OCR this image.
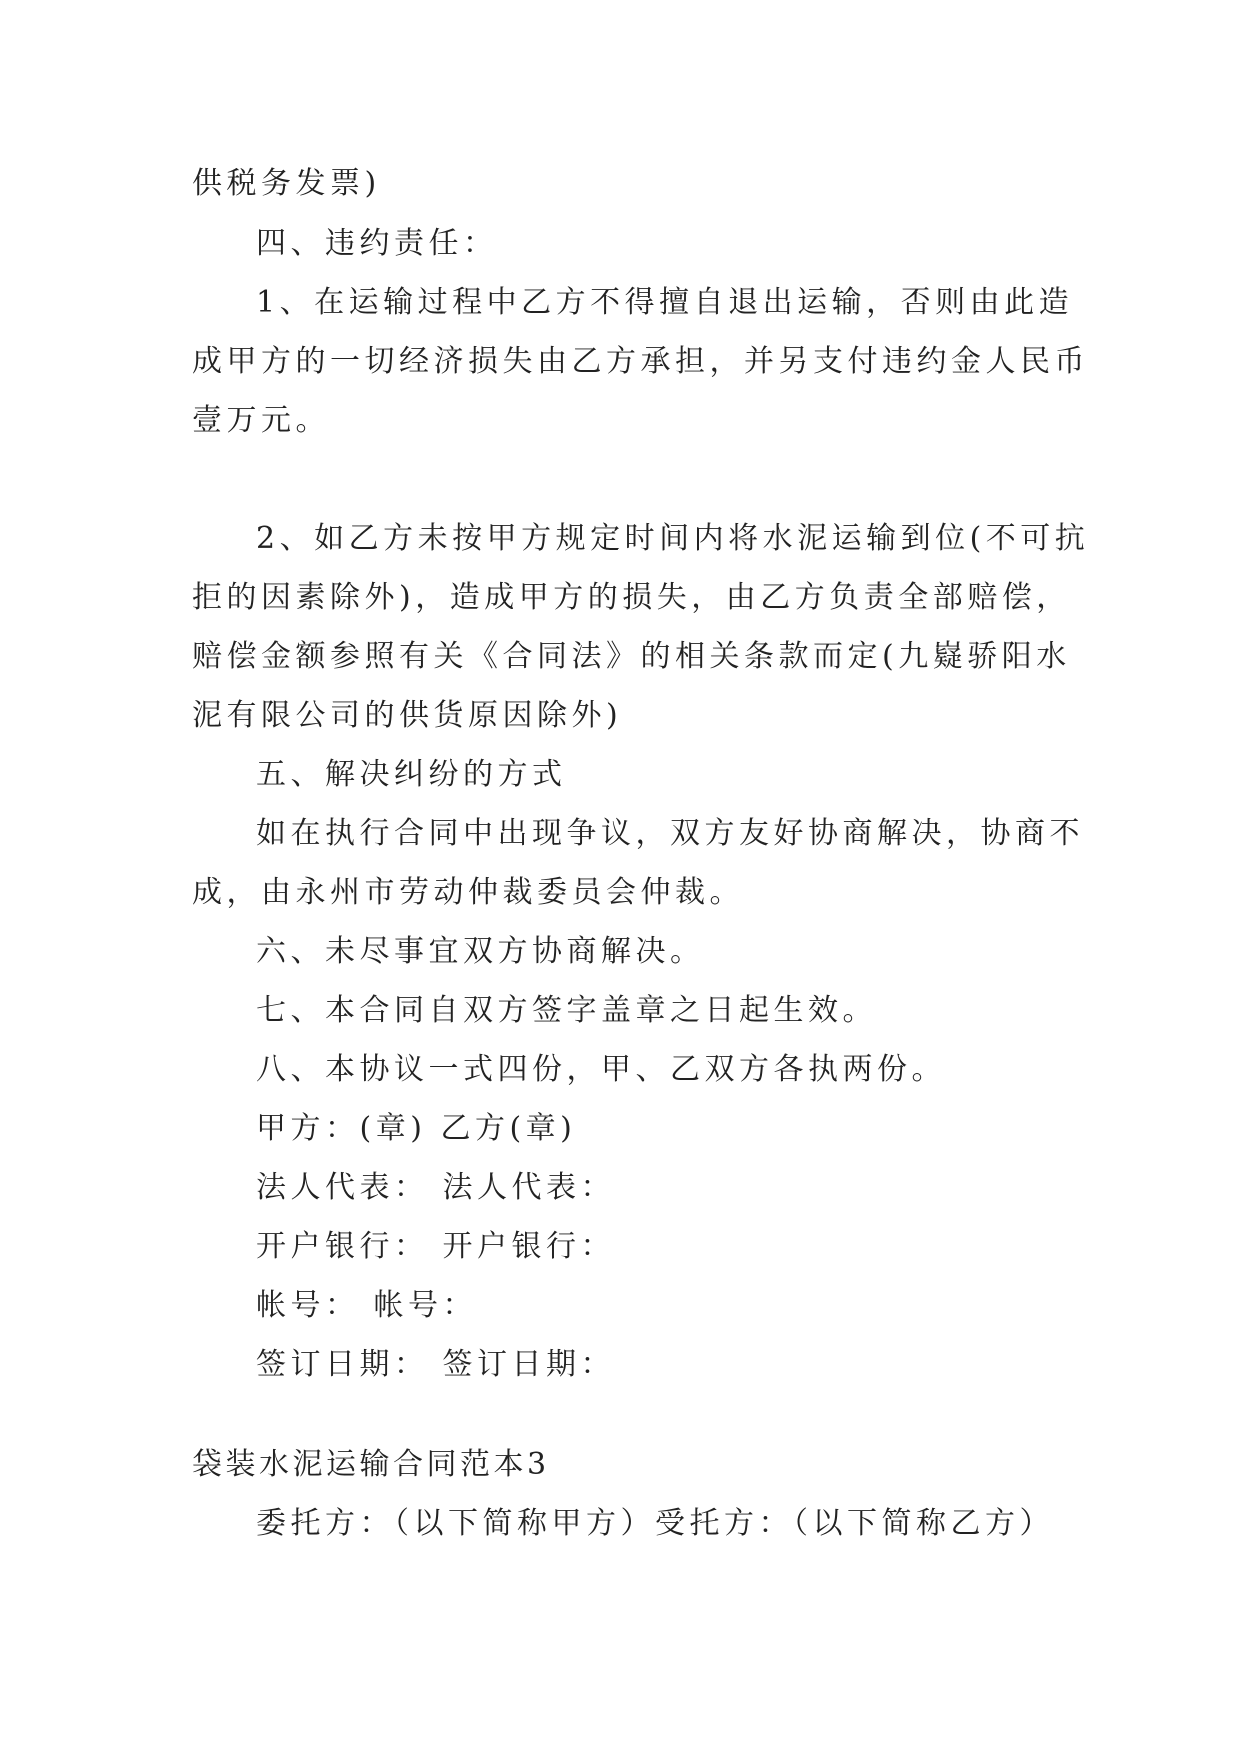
供税务发票)
四、违约责任：
1、在运输过程中乙方不得擅自退出运输，否则由此造
成甲方的一切经济损失由乙方承担，并另支付违约金人民币
壹万元。
2、如乙方未按甲方规定时间内将水泥运输到位(不可抗
拒的因素除外)，造成甲方的损失，由乙方负责全部赔偿，
赔偿金额参照有关《合同法》的相关条款而定(九嶷骄阳水
泥有限公司的供货原因除外)
五、解决纠纷的方式
如在执行合同中出现争议，双方友好协商解决，协商不
成，由永州市劳动仲裁委员会仲裁。
六、未尽事宜双方协商解决。
七、本合同自双方签字盖章之日起生效。
八、本协议一式四份，甲、乙双方各执两份。
甲方：(章) 乙方(章)
法人代表： 法人代表：
开户银行： 开户银行：
帐号： 帐号：
签订日期： 签订日期：
袋装水泥运输合同范本3
委托方：（以下简称甲方）受托方：（以下简称乙方）
